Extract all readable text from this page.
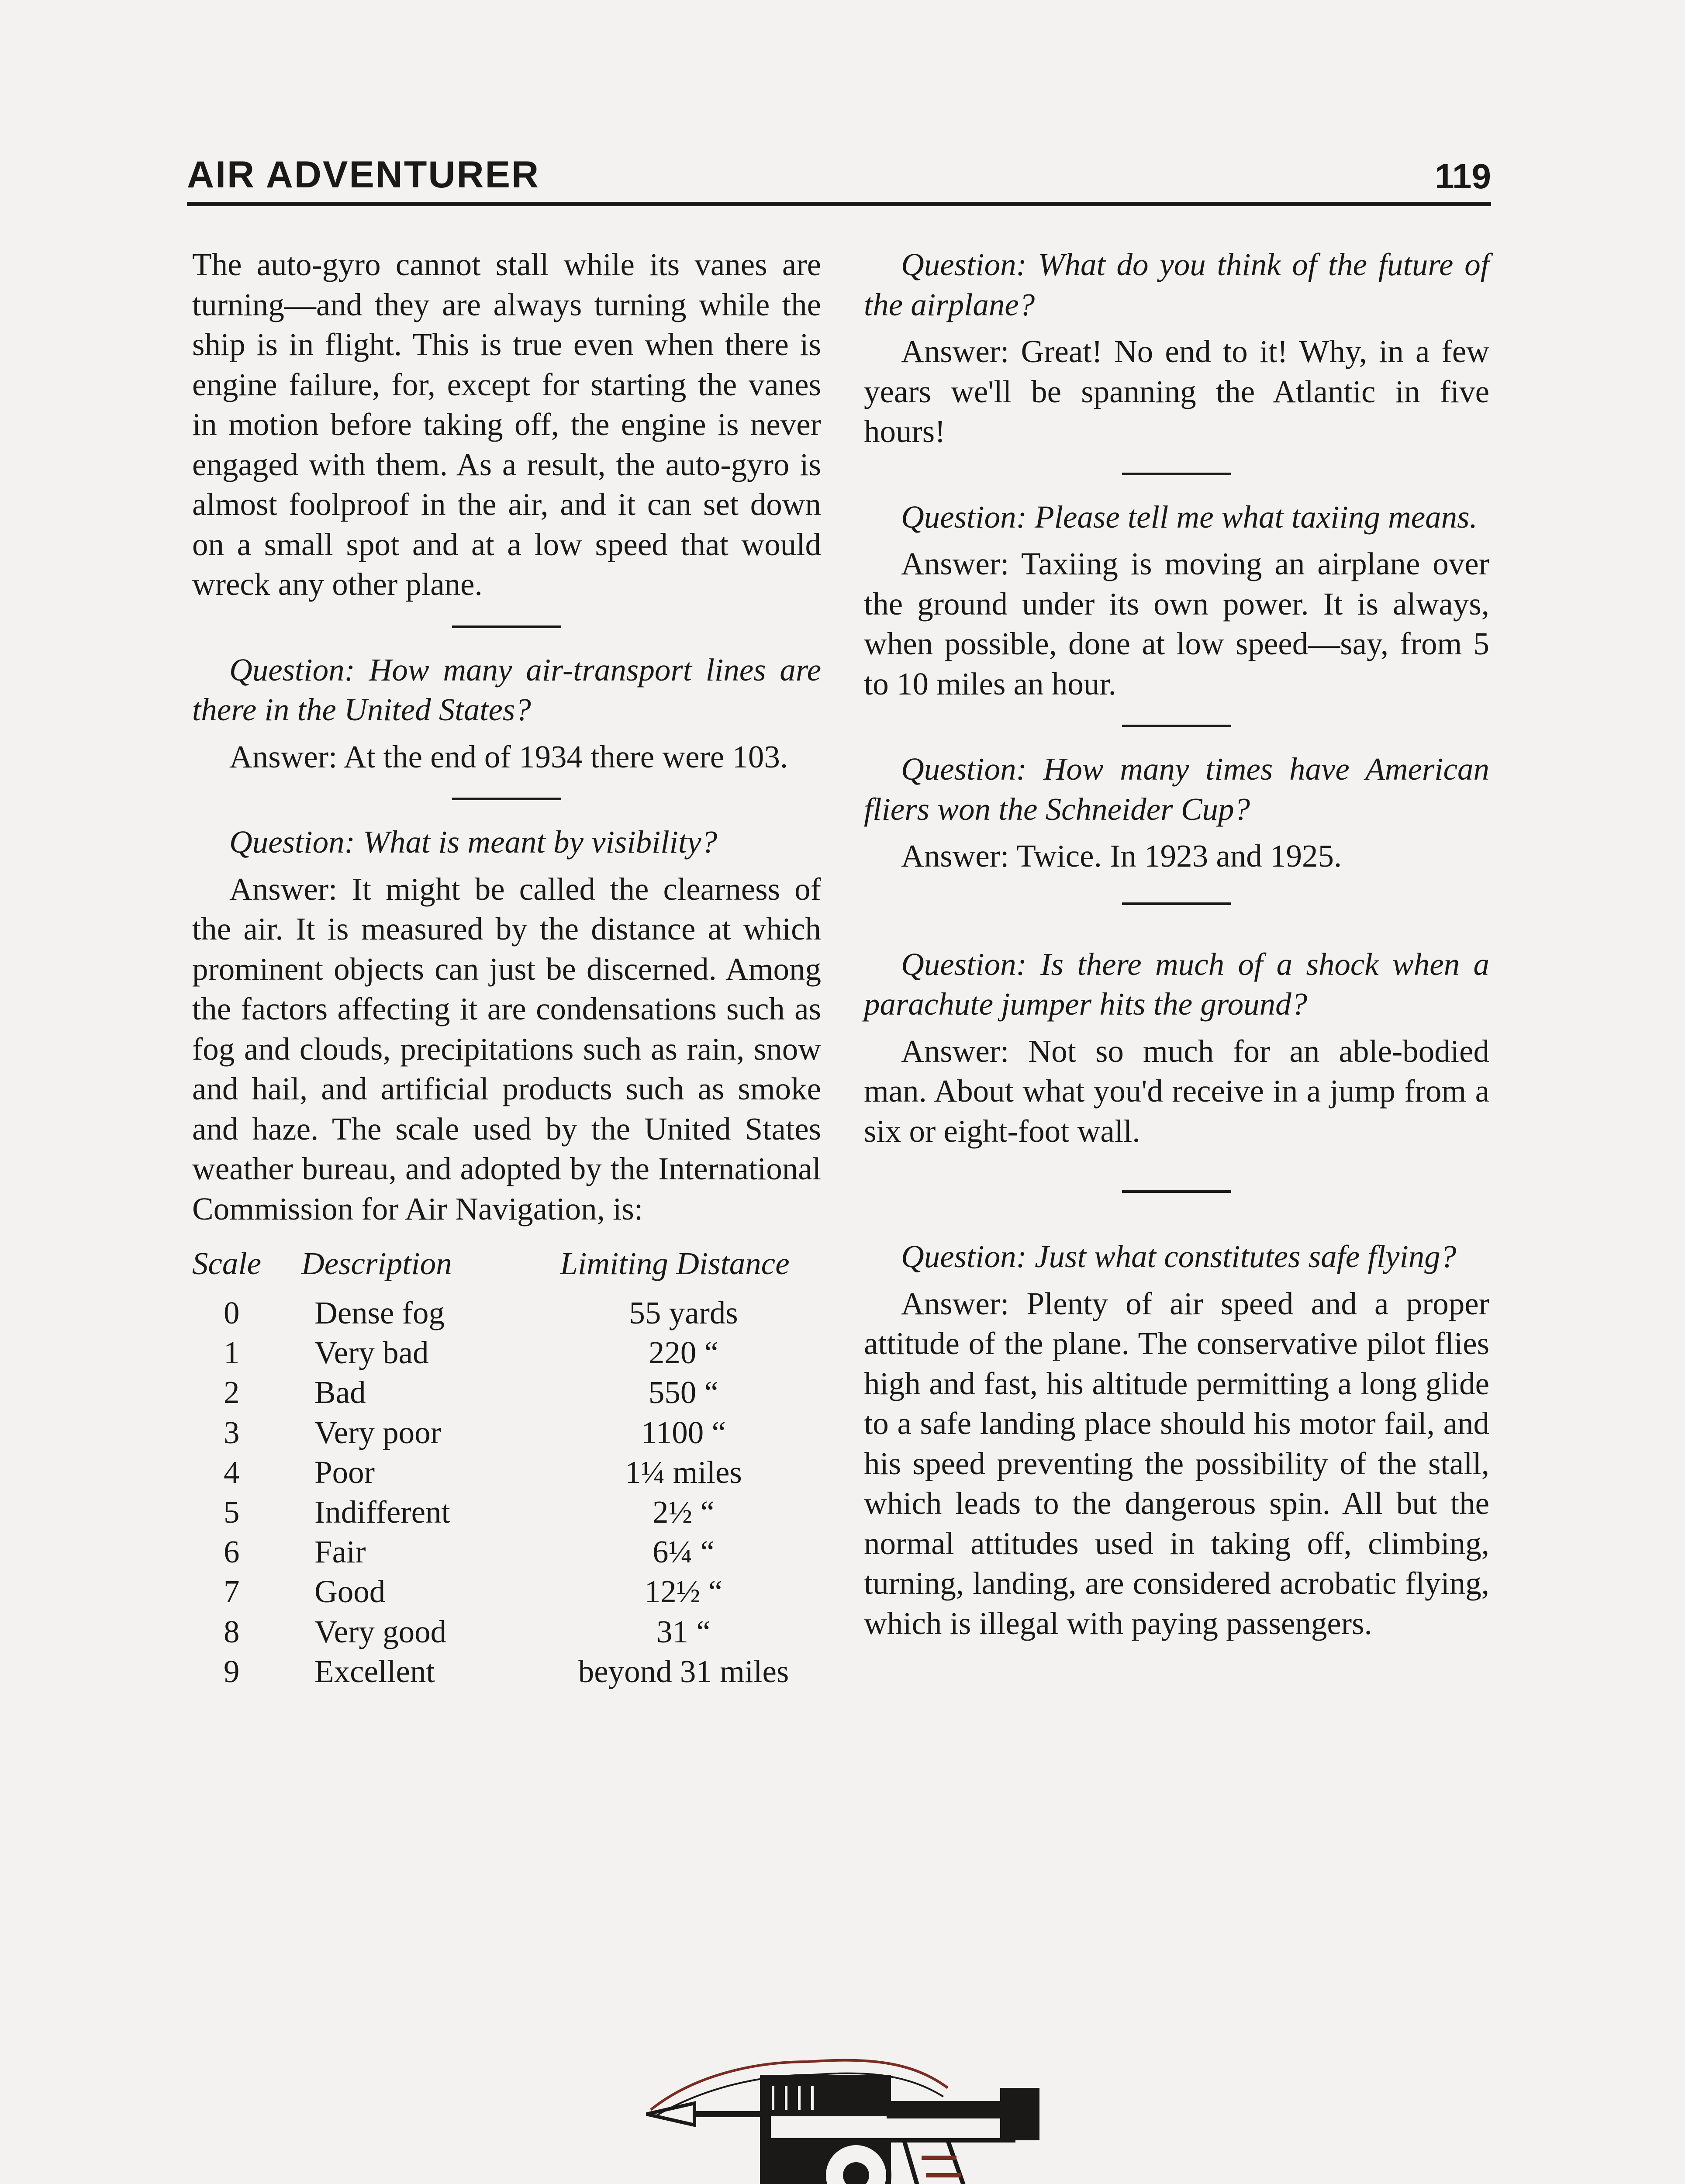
AIR ADVENTURER	119

The auto-gyro cannot stall while its vanes are turning—and they are always turning while the ship is in flight. This is true even when there is engine failure, for, except for starting the vanes in motion before taking off, the engine is never engaged with them. As a result, the auto-gyro is almost foolproof in the air, and it can set down on a small spot and at a low speed that would wreck any other plane.

Question: How many air-transport lines are there in the United States?

Answer: At the end of 1934 there were 103.

Question: What is meant by visibility?

Answer: It might be called the clearness of the air. It is measured by the distance at which prominent objects can just be discerned. Among the factors affecting it are condensations such as fog and clouds, precipitations such as rain, snow and hail, and artificial products such as smoke and haze. The scale used by the United States weather bureau, and adopted by the International Commission for Air Navigation, is:

Scale	Description	Limiting Distance
0	Dense fog	55 yards
1	Very bad	220 “
2	Bad	550 “
3	Very poor	1100 “
4	Poor	1¼ miles
5	Indifferent	2½ “
6	Fair	6¼ “
7	Good	12½ “
8	Very good	31 “
9	Excellent	beyond 31 miles

Question: What do you think of the future of the airplane?

Answer: Great! No end to it! Why, in a few years we'll be spanning the Atlantic in five hours!

Question: Please tell me what taxiing means.

Answer: Taxiing is moving an airplane over the ground under its own power. It is always, when possible, done at low speed—say, from 5 to 10 miles an hour.

Question: How many times have American fliers won the Schneider Cup?

Answer: Twice. In 1923 and 1925.

Question: Is there much of a shock when a parachute jumper hits the ground?

Answer: Not so much for an able-bodied man. About what you'd receive in a jump from a six or eight-foot wall.

Question: Just what constitutes safe flying?

Answer: Plenty of air speed and a proper attitude of the plane. The conservative pilot flies high and fast, his altitude permitting a long glide to a safe landing place should his motor fail, and his speed preventing the possibility of the stall, which leads to the dangerous spin. All but the normal attitudes used in taking off, climbing, turning, landing, are considered acrobatic flying, which is illegal with paying passengers.
